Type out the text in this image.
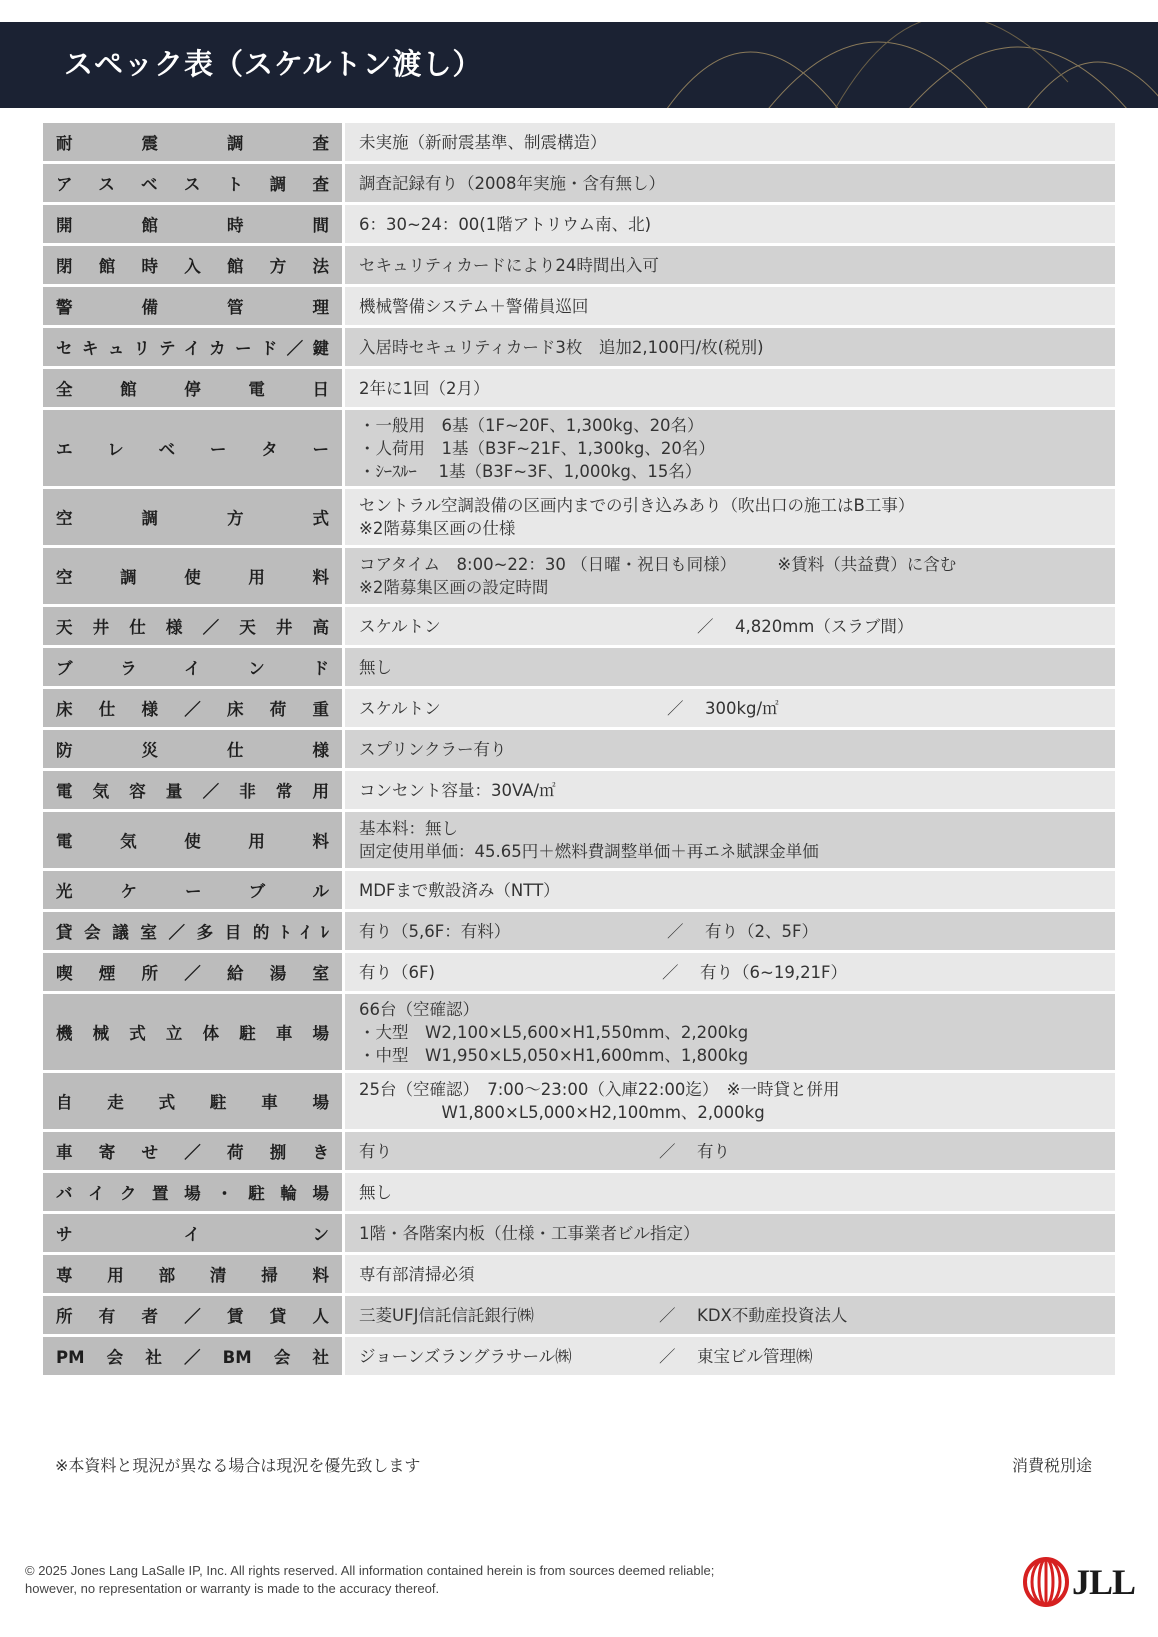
スペック表（スケルトン渡し）
耐震調査	未実施（新耐震基準、制震構造）

アスベスト調査	調査記録有り（2008年実施・含有無し）

開館時間	6：30~24：00(1階アトリウム南、北)

閉館時入館方法	セキュリティカードにより24時間出入可

警備管理	機械警備システム＋警備員巡回

セキュリテイカード／鍵	入居時セキュリティカード3枚　追加2,100円/枚(税別)

全館停電日	2年に1回（2月）

エレベーター	・一般用　6基（1F~20F、1,300kg、20名）
・人荷用　1基（B3F~21F、1,300kg、20名）
・ｼｰｽﾙｰ　 1基（B3F~3F、1,000kg、15名）

空調方式	セントラル空調設備の区画内までの引き込みあり（吹出口の施工はB工事）
※2階募集区画の仕様

空調使用料	コアタイム　8:00~22：30 （日曜・祝日も同様）　　　※賃料（共益費）に含む
※2階募集区画の設定時間

天井仕様／天井高	スケルトン ／ 4,820mm（スラブ間）

ブラインド	無し

床仕様／床荷重	スケルトン ／ 300kg/㎡

防災仕様	スプリンクラー有り

電気容量／非常用	コンセント容量：30VA/㎡

電気使用料	基本料：無し
固定使用単価：45.65円＋燃料費調整単価＋再エネ賦課金単価

光ケーブル	MDFまで敷設済み（NTT）

貸会議室／多目的ﾄｲﾚ	有り（5,6F：有料） ／ 有り（2、5F）

喫煙所／給湯室	有り（6F) ／ 有り（6~19,21F）

機械式立体駐車場	66台（空確認）
・大型　W2,100×L5,600×H1,550mm、2,200kg
・中型　W1,950×L5,050×H1,600mm、1,800kg

自走式駐車場	25台（空確認）　7:00～23:00（入庫22:00迄）　※一時貸と併用
　　　　　W1,800×L5,000×H2,100mm、2,000kg

車寄せ／荷捌き	有り ／ 有り

バイク置場・駐輪場	無し

サイン	1階・各階案内板（仕様・工事業者ビル指定）

専用部清掃料	専有部清掃必須

所有者／賃貸人	三菱UFJ信託信託銀行㈱ ／ KDX不動産投資法人

PM会社／BM会社	ジョーンズラングラサール㈱ ／ 東宝ビル管理㈱
※本資料と現況が異なる場合は現況を優先致します	消費税別途
© 2025 Jones Lang LaSalle IP, Inc. All rights reserved. All information contained herein is from sources deemed reliable;
however, no representation or warranty is made to the accuracy thereof.	JLL
